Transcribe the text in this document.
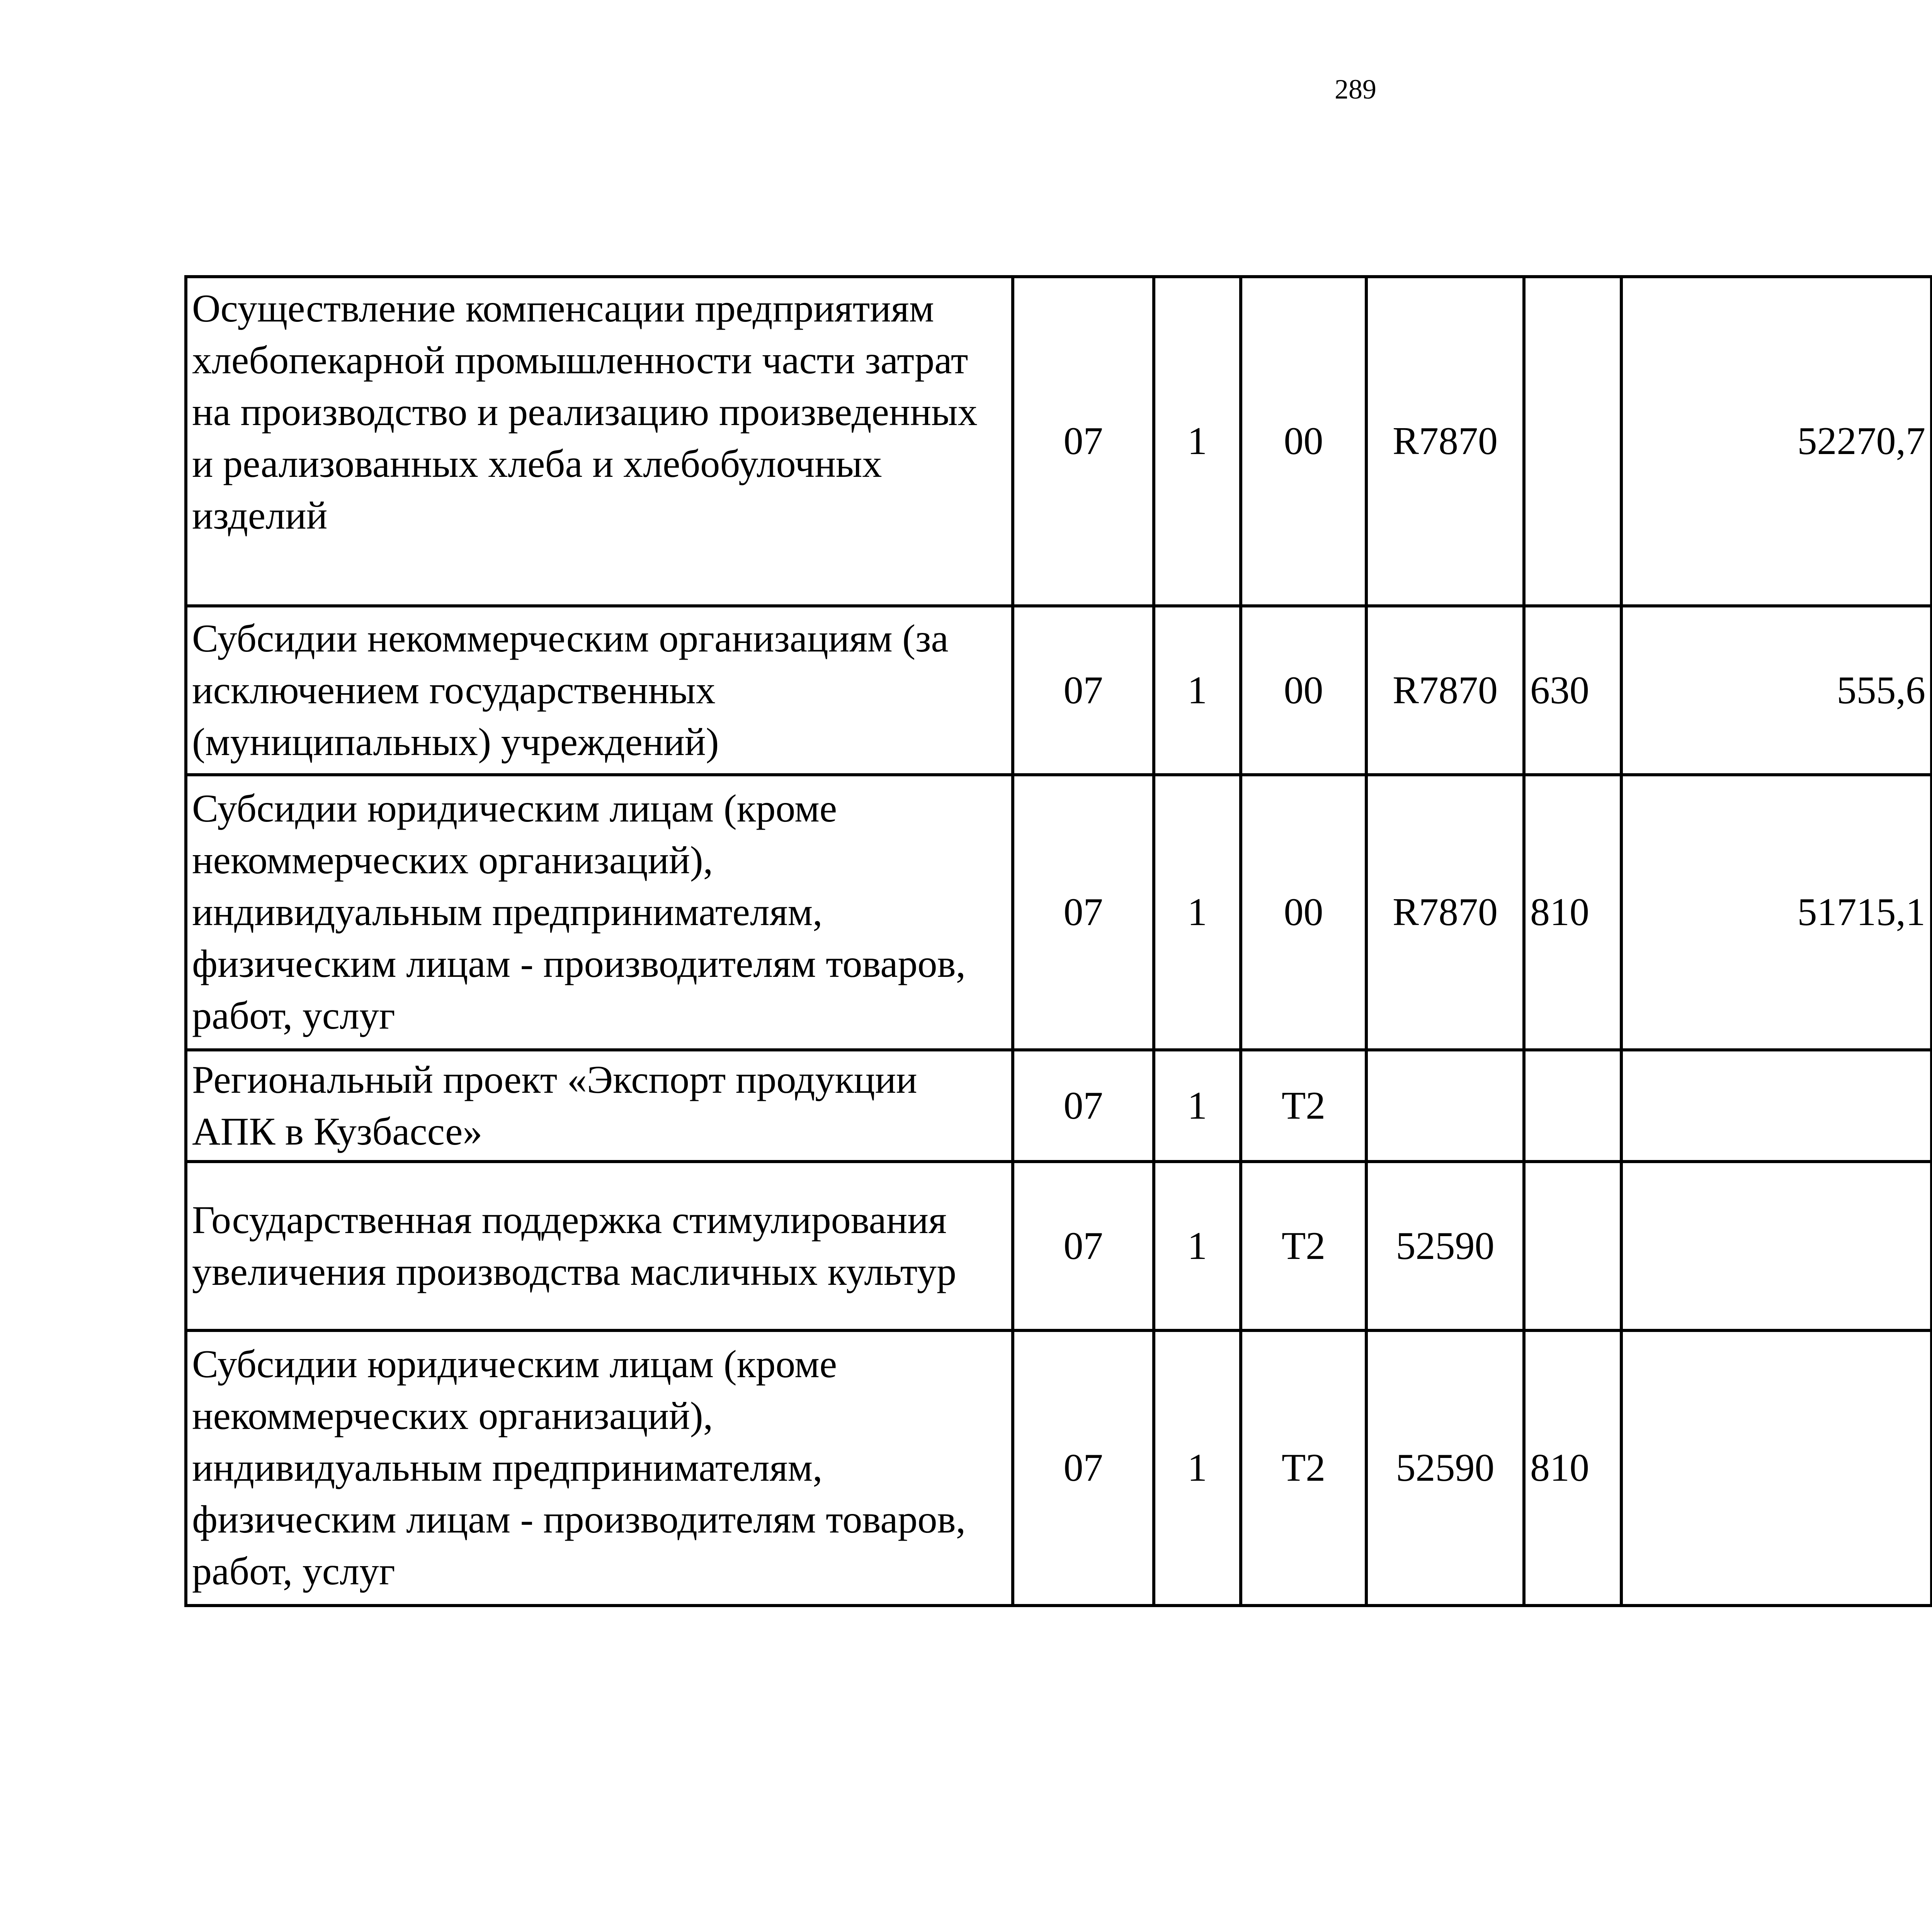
289
Осуществление компенсации предприятиям хлебопекарной промышленности части затрат на производство и реализацию произведенных и реализованных хлеба и хлебобулочных изделий	07	1	00	R7870		52270,7		
Субсидии некоммерческим организациям (за исключением государственных (муниципальных) учреждений)	07	1	00	R7870	630	555,6		
Субсидии юридическим лицам (кроме некоммерческих организаций), индивидуальным предпринимателям, физическим лицам - производителям товаров, работ, услуг	07	1	00	R7870	810	51715,1		
Региональный проект «Экспорт продукции АПК в Кузбассе»	07	1	T2					
Государственная поддержка стимулирования увеличения производства масличных культур	07	1	T2	52590				
Субсидии юридическим лицам (кроме некоммерческих организаций), индивидуальным предпринимателям, физическим лицам - производителям товаров, работ, услуг	07	1	T2	52590	810			
